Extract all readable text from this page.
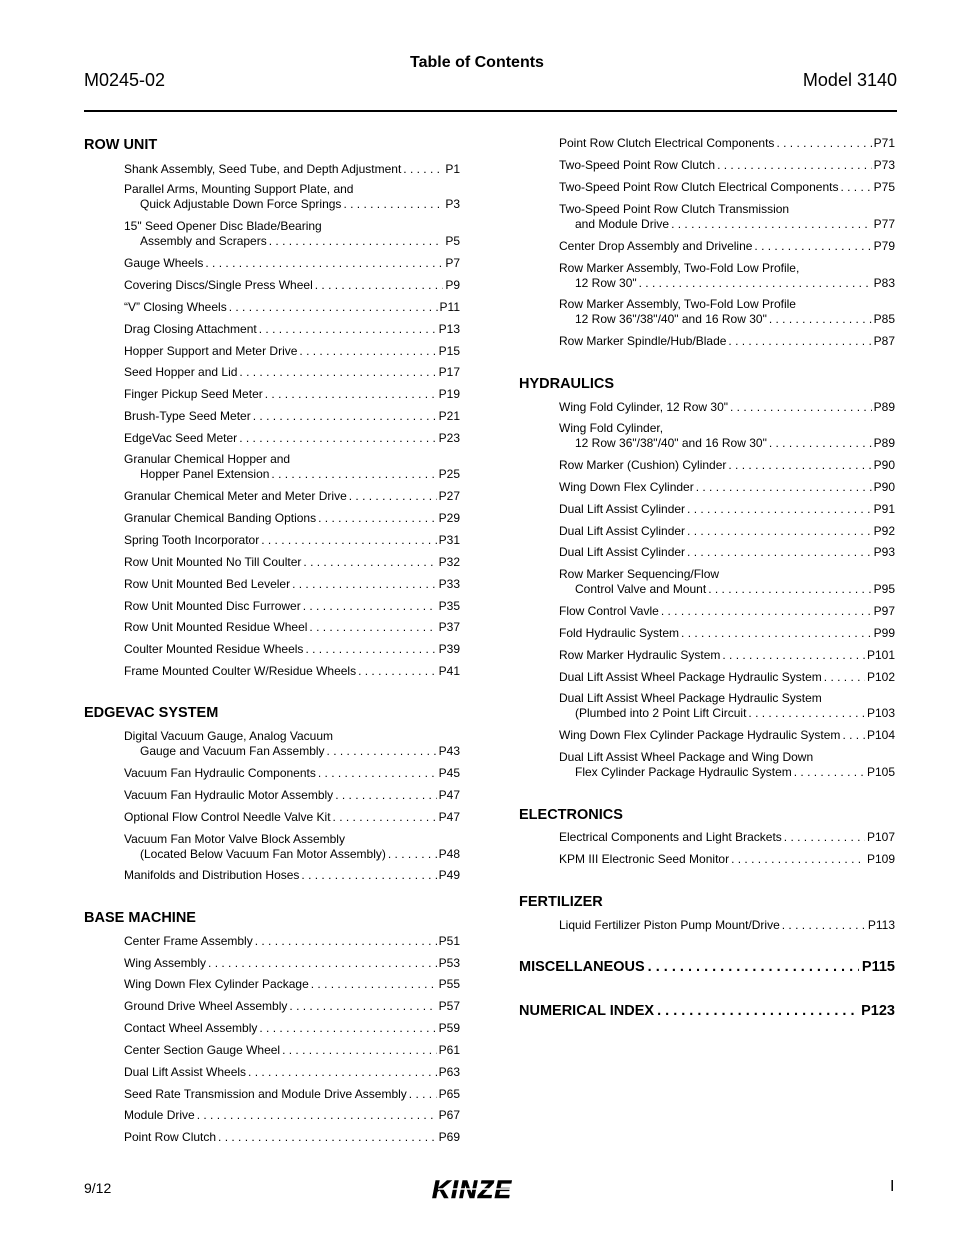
Table of Contents
M0245-02	Model 3140
ROW UNIT
Shank Assembly, Seed Tube, and Depth Adjustment . . .	P1
Parallel Arms, Mounting Support Plate, and
Quick Adjustable Down Force Springs . . .	P3
15" Seed Opener Disc Blade/Bearing
Assembly and Scrapers . . .	P5
Gauge Wheels . . .	P7
Covering Discs/Single Press Wheel . . .	P9
“V” Closing Wheels . . .	P11
Drag Closing Attachment . . .	P13
Hopper Support and Meter Drive . . .	P15
Seed Hopper and Lid . . .	P17
Finger Pickup Seed Meter . . .	P19
Brush-Type Seed Meter . . .	P21
EdgeVac Seed Meter . . .	P23
Granular Chemical Hopper and
Hopper Panel Extension . . .	P25
Granular Chemical Meter and Meter Drive . . .	P27
Granular Chemical Banding Options . . .	P29
Spring Tooth Incorporator . . .	P31
Row Unit Mounted No Till Coulter . . .	P32
Row Unit Mounted Bed Leveler . . .	P33
Row Unit Mounted Disc Furrower . . .	P35
Row Unit Mounted Residue Wheel . . .	P37
Coulter Mounted Residue Wheels . . .	P39
Frame Mounted Coulter W/Residue Wheels . . .	P41
EDGEVAC SYSTEM
Digital Vacuum Gauge, Analog Vacuum
Gauge and Vacuum Fan Assembly . . .	P43
Vacuum Fan Hydraulic Components . . .	P45
Vacuum Fan Hydraulic Motor Assembly . . .	P47
Optional Flow Control Needle Valve Kit . . .	P47
Vacuum Fan Motor Valve Block Assembly
(Located Below Vacuum Fan Motor Assembly) . . .	P48
Manifolds and Distribution Hoses . . .	P49
BASE MACHINE
Center Frame Assembly . . .	P51
Wing Assembly . . .	P53
Wing Down Flex Cylinder Package . . .	P55
Ground Drive Wheel Assembly . . .	P57
Contact Wheel Assembly . . .	P59
Center Section Gauge Wheel . . .	P61
Dual Lift Assist Wheels . . .	P63
Seed Rate Transmission and Module Drive Assembly . . .	P65
Module Drive . . .	P67
Point Row Clutch . . .	P69
Point Row Clutch Electrical Components . . .	P71
Two-Speed Point Row Clutch . . .	P73
Two-Speed Point Row Clutch Electrical Components . . .	P75
Two-Speed Point Row Clutch Transmission
and Module Drive . . .	P77
Center Drop Assembly and Driveline . . .	P79
Row Marker Assembly, Two-Fold Low Profile,
12 Row 30" . . .	P83
Row Marker Assembly, Two-Fold Low Profile
12 Row 36"/38"/40" and 16 Row 30" . . .	P85
Row Marker Spindle/Hub/Blade . . .	P87
HYDRAULICS
Wing Fold Cylinder, 12 Row 30" . . .	P89
Wing Fold Cylinder,
12 Row 36"/38"/40" and 16 Row 30" . . .	P89
Row Marker (Cushion) Cylinder . . .	P90
Wing Down Flex Cylinder . . .	P90
Dual Lift Assist Cylinder . . .	P91
Dual Lift Assist Cylinder . . .	P92
Dual Lift Assist Cylinder . . .	P93
Row Marker Sequencing/Flow
Control Valve and Mount . . .	P95
Flow Control Vavle . . .	P97
Fold Hydraulic System . . .	P99
Row Marker Hydraulic System . . .	P101
Dual Lift Assist Wheel Package Hydraulic System . . .	P102
Dual Lift Assist Wheel Package Hydraulic System
(Plumbed into 2 Point Lift Circuit . . .	P103
Wing Down Flex Cylinder Package Hydraulic System . . . P104
Dual Lift Assist Wheel Package and Wing Down
Flex Cylinder Package Hydraulic System . . .	P105
ELECTRONICS
Electrical Components and Light Brackets . . .	P107
KPM III Electronic Seed Monitor . . .	P109
FERTILIZER
Liquid Fertilizer Piston Pump Mount/Drive . . .	P113
MISCELLANEOUS . . .	P115
NUMERICAL INDEX . . .	P123
9/12	KINZE	I
